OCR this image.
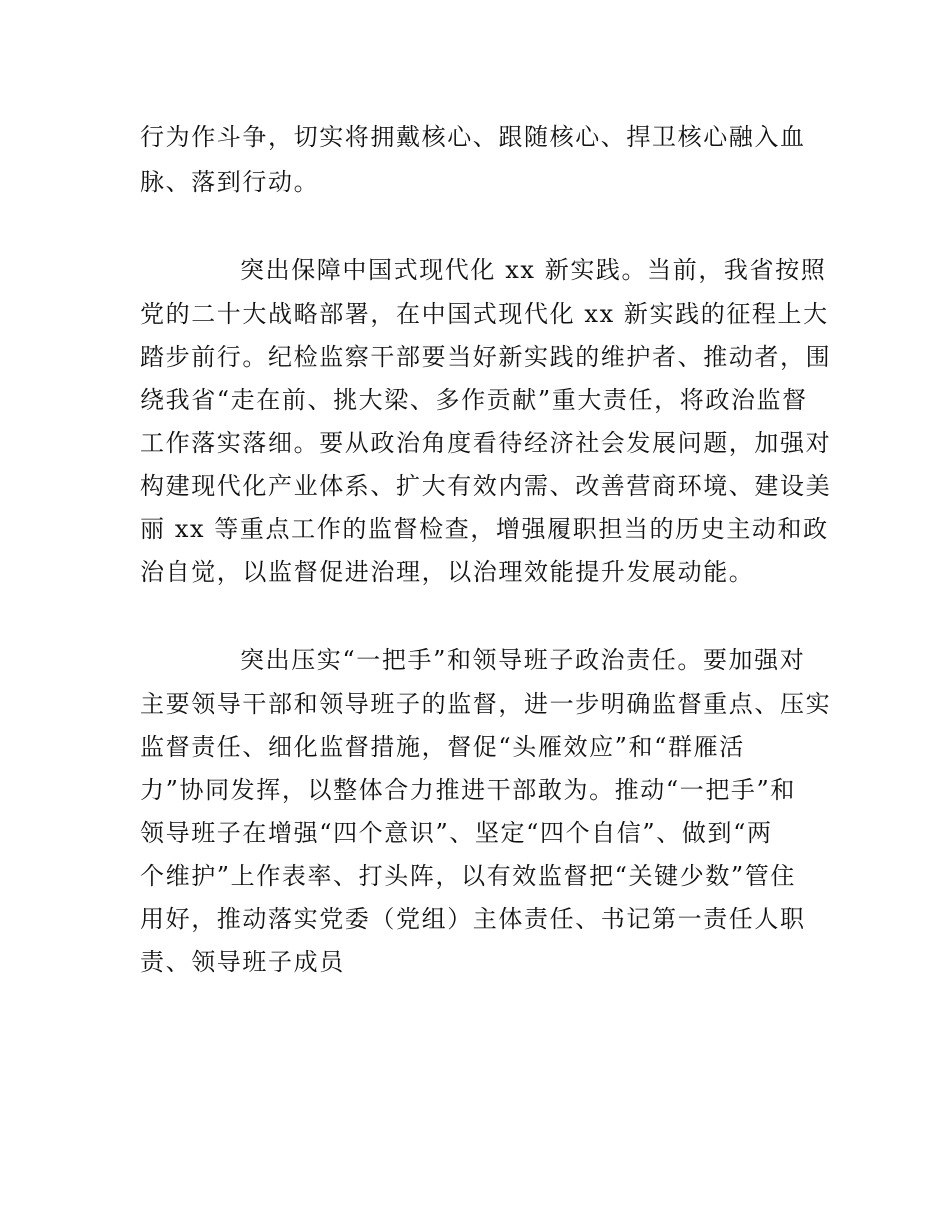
行为作斗争，切实将拥戴核心、跟随核心、捍卫核心融入血
脉、落到行动。
突出保障中国式现代化 xx 新实践。当前，我省按照
党的二十大战略部署，在中国式现代化 xx 新实践的征程上大
踏步前行。纪检监察干部要当好新实践的维护者、推动者，围
绕我省“走在前、挑大梁、多作贡献”重大责任，将政治监督
工作落实落细。要从政治角度看待经济社会发展问题，加强对
构建现代化产业体系、扩大有效内需、改善营商环境、建设美
丽 xx 等重点工作的监督检查，增强履职担当的历史主动和政
治自觉，以监督促进治理，以治理效能提升发展动能。
突出压实“一把手”和领导班子政治责任。要加强对
主要领导干部和领导班子的监督，进一步明确监督重点、压实
监督责任、细化监督措施，督促“头雁效应”和“群雁活
力”协同发挥，以整体合力推进干部敢为。推动“一把手”和
领导班子在增强“四个意识”、坚定“四个自信”、做到“两
个维护”上作表率、打头阵，以有效监督把“关键少数”管住
用好，推动落实党委（党组）主体责任、书记第一责任人职
责、领导班子成员
